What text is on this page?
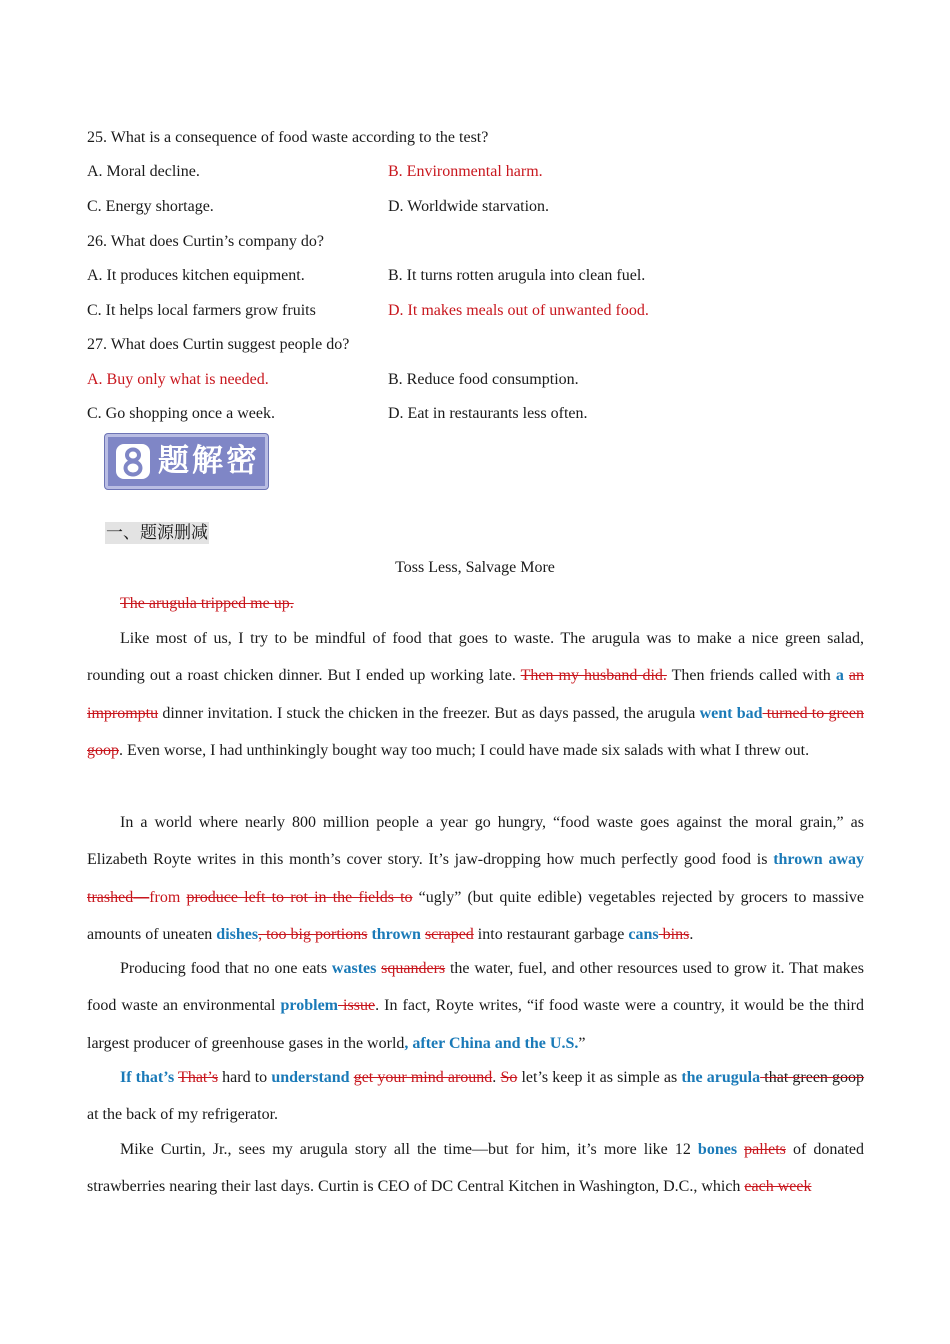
25. What is a consequence of food waste according to the test?
A. Moral decline.	B. Environmental harm.
C. Energy shortage.	D. Worldwide starvation.
26. What does Curtin’s company do?
A. It produces kitchen equipment.	B. It turns rotten arugula into clean fuel.
C. It helps local farmers grow fruits	D. It makes meals out of unwanted food.
27. What does Curtin suggest people do?
A. Buy only what is needed.	B. Reduce food consumption.
C. Go shopping once a week.	D. Eat in restaurants less often.
题解密
一、题源删减
Toss Less, Salvage More

The arugula tripped me up.

Like most of us, I try to be mindful of food that goes to waste. The arugula was to make a nice green salad, rounding out a roast chicken dinner. But I ended up working late. Then my husband did. Then friends called with a an impromptu dinner invitation. I stuck the chicken in the freezer. But as days passed, the arugula went bad turned to green goop. Even worse, I had unthinkingly bought way too much; I could have made six salads with what I threw out.

In a world where nearly 800 million people a year go hungry, “food waste goes against the moral grain,” as Elizabeth Royte writes in this month’s cover story. It’s jaw-dropping how much perfectly good food is thrown away trashed—from produce left to rot in the fields to “ugly” (but quite edible) vegetables rejected by grocers to massive amounts of uneaten dishes, too big portions thrown scraped into restaurant garbage cans bins.

Producing food that no one eats wastes squanders the water, fuel, and other resources used to grow it. That makes food waste an environmental problem issue. In fact, Royte writes, “if food waste were a country, it would be the third largest producer of greenhouse gases in the world, after China and the U.S.”

If that’s That’s hard to understand get your mind around. So let’s keep it as simple as the arugula that green goop at the back of my refrigerator.

Mike Curtin, Jr., sees my arugula story all the time—but for him, it’s more like 12 bones pallets of donated strawberries nearing their last days. Curtin is CEO of DC Central Kitchen in Washington, D.C., which each week
